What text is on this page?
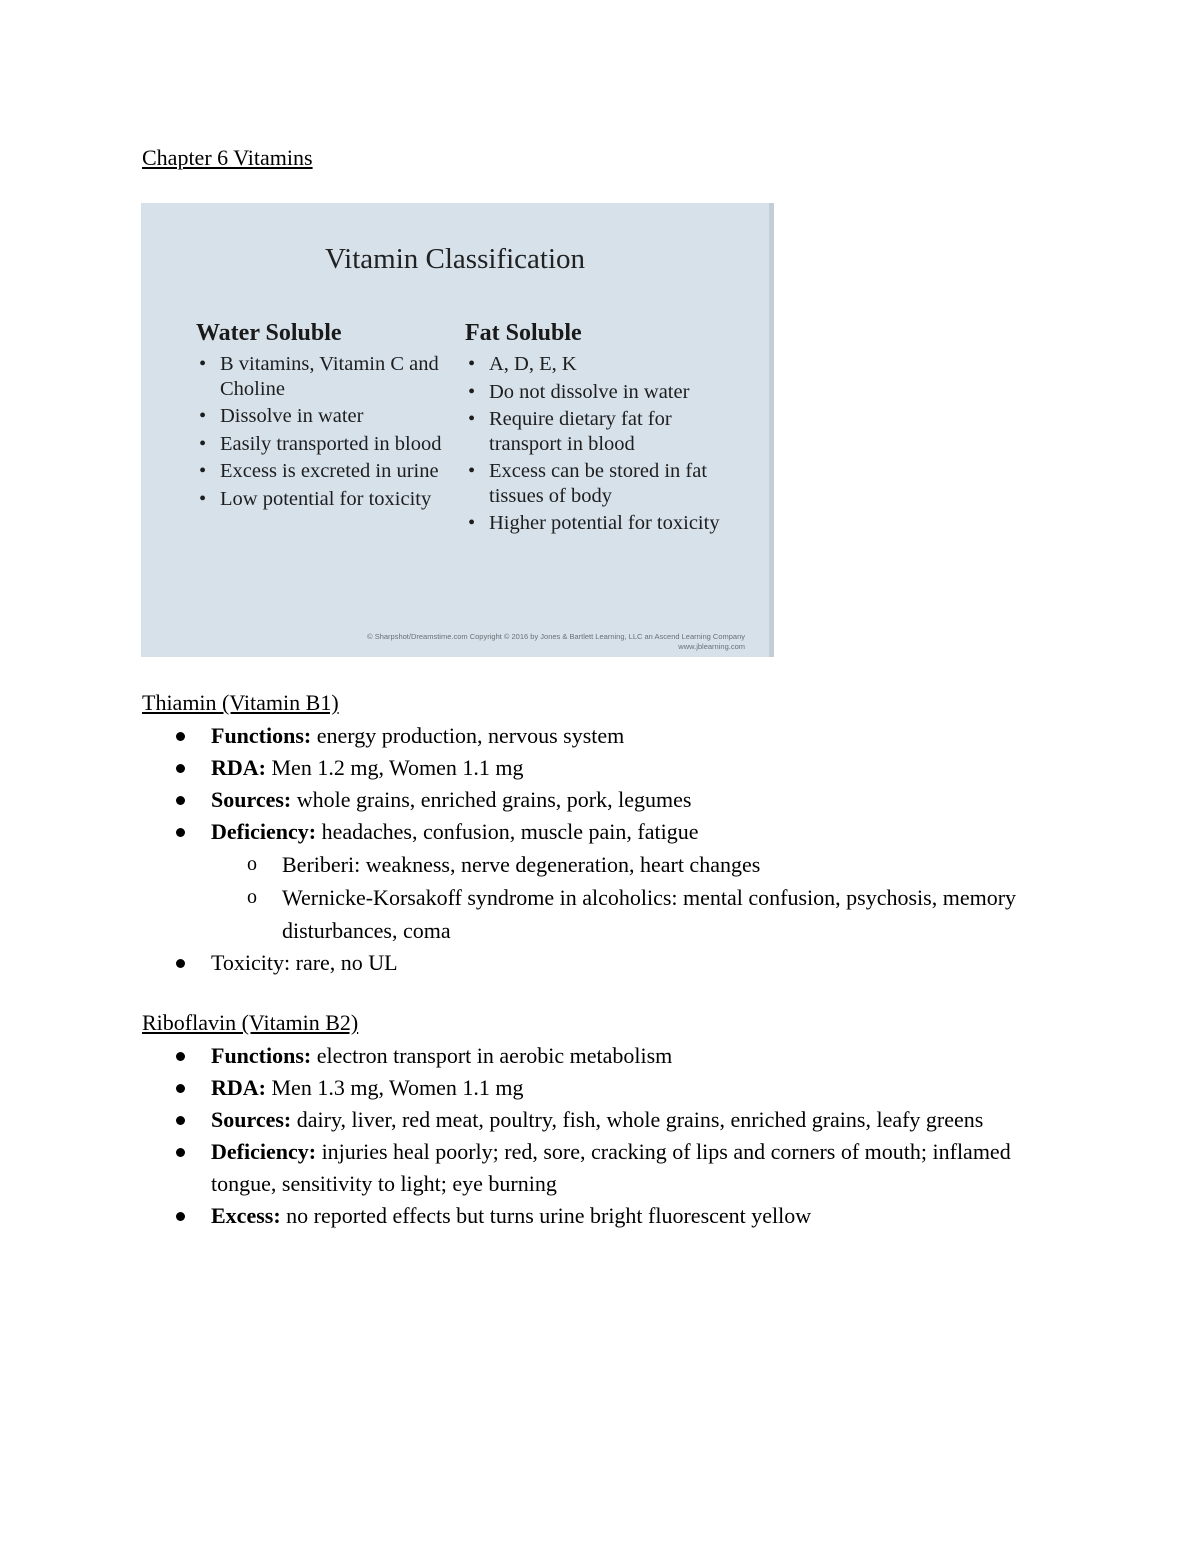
Chapter 6 Vitamins
Vitamin Classification

Water Soluble

• B vitamins, Vitamin C and Choline
• Dissolve in water
• Easily transported in blood
• Excess is excreted in urine
• Low potential for toxicity

Fat Soluble

• A, D, E, K
• Do not dissolve in water
• Require dietary fat for transport in blood
• Excess can be stored in fat tissues of body
• Higher potential for toxicity
© Sharpshot/Dreamstime.com Copyright © 2016 by Jones & Bartlett Learning, LLC an Ascend Learning Company
www.jblearning.com
Thiamin (Vitamin B1)
Functions: energy production, nervous system
RDA: Men 1.2 mg, Women 1.1 mg
Sources: whole grains, enriched grains, pork, legumes
Deficiency: headaches, confusion, muscle pain, fatigue
o Beriberi: weakness, nerve degeneration, heart changes
o Wernicke-Korsakoff syndrome in alcoholics: mental confusion, psychosis, memory disturbances, coma
Toxicity: rare, no UL
Riboflavin (Vitamin B2)
Functions: electron transport in aerobic metabolism
RDA: Men 1.3 mg, Women 1.1 mg
Sources: dairy, liver, red meat, poultry, fish, whole grains, enriched grains, leafy greens
Deficiency: injuries heal poorly; red, sore, cracking of lips and corners of mouth; inflamed tongue, sensitivity to light; eye burning
Excess: no reported effects but turns urine bright fluorescent yellow
